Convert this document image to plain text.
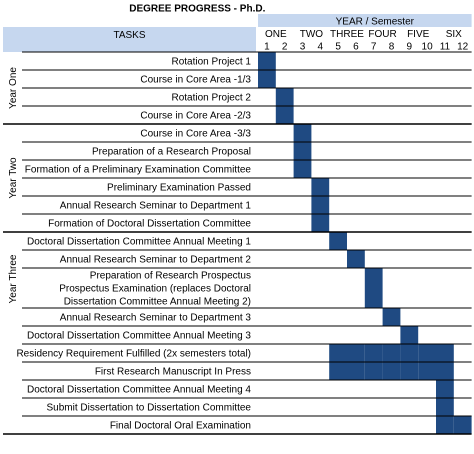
DEGREE PROGRESS - Ph.D.
TASKS
YEAR / Semester
ONE TWO THREE FOUR FIVE SIX
1 2 3 4 5 6 7 8 9 10 11 12
Rotation Project 1
Course in Core Area -1/3
Rotation Project 2
Course in Core Area -2/3
Course in Core Area -3/3
Preparation of a Research Proposal
Formation of a Preliminary Examination Committee
Preliminary Examination Passed
Annual Research Seminar to Department 1
Formation of Doctoral Dissertation Committee
Doctoral Dissertation Committee Annual Meeting 1
Annual Research Seminar to Department 2
Preparation of Research Prospectus Prospectus Examination (replaces Doctoral Dissertation Committee Annual Meeting 2)
Annual Research Seminar to Department 3
Doctoral Dissertation Committee Annual Meeting 3
Residency Requirement Fulfilled (2x semesters total)
First Research Manuscript In Press
Doctoral Dissertation Committee Annual Meeting 4
Submit Dissertation to Dissertation Committee
Final Doctoral Oral Examination
Year One
Year Two
Year Three
